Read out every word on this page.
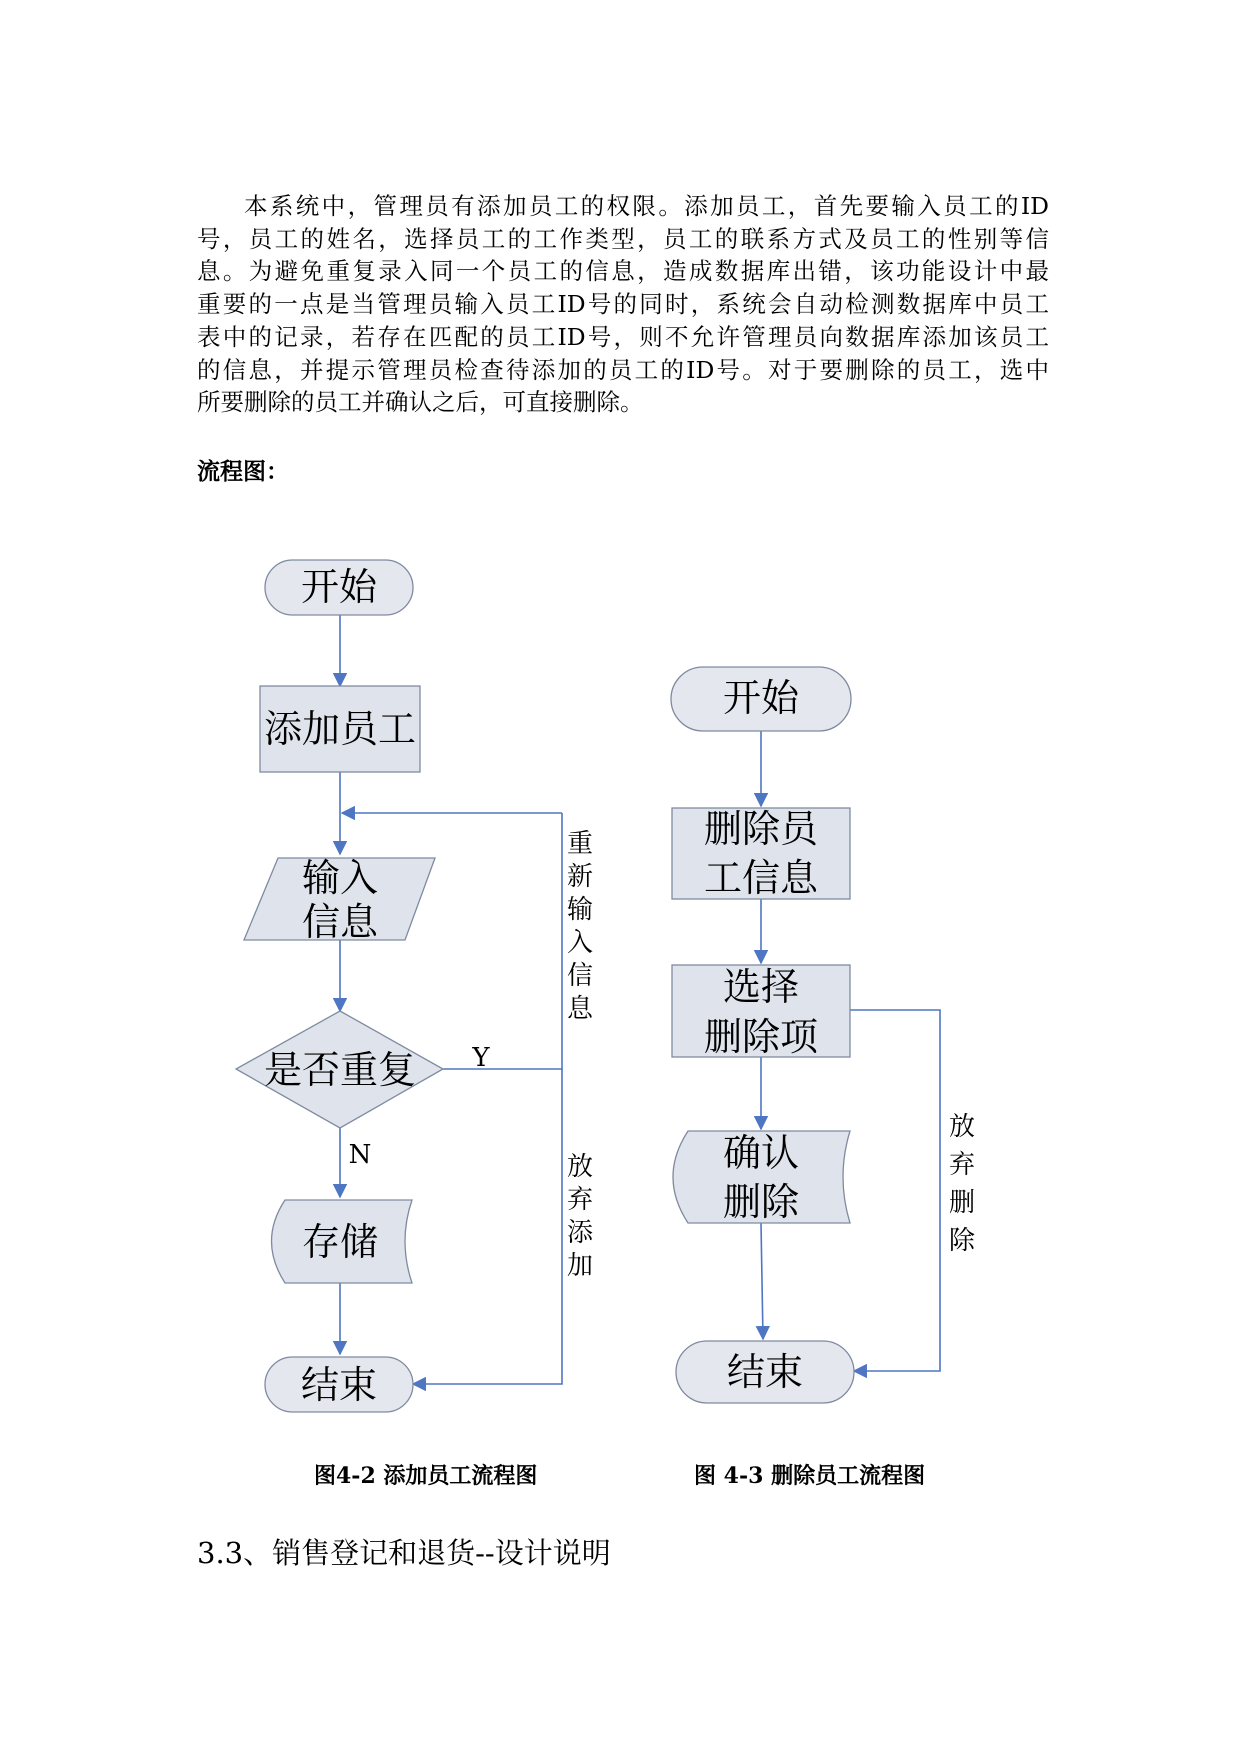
本系统中，管理员有添加员工的权限。添加员工，首先要输入员工的ID
号，员工的姓名，选择员工的工作类型，员工的联系方式及员工的性别等信
息。为避免重复录入同一个员工的信息，造成数据库出错，该功能设计中最
重要的一点是当管理员输入员工ID号的同时，系统会自动检测数据库中员工
表中的记录，若存在匹配的员工ID号，则不允许管理员向数据库添加该员工
的信息，并提示管理员检查待添加的员工的ID号。对于要删除的员工，选中
所要删除的员工并确认之后，可直接删除。

流程图：

开始
添加员工
输入
信息
是否重复
存储
结束
Y
N
重
新
输
入
信
息
放
弃
添
加
开始
删除员
工信息
选择
删除项
确认
删除
结束
放
弃
删
除
图4-2 添加员工流程图	图 4-3 删除员工流程图
3.3、销售登记和退货--设计说明
